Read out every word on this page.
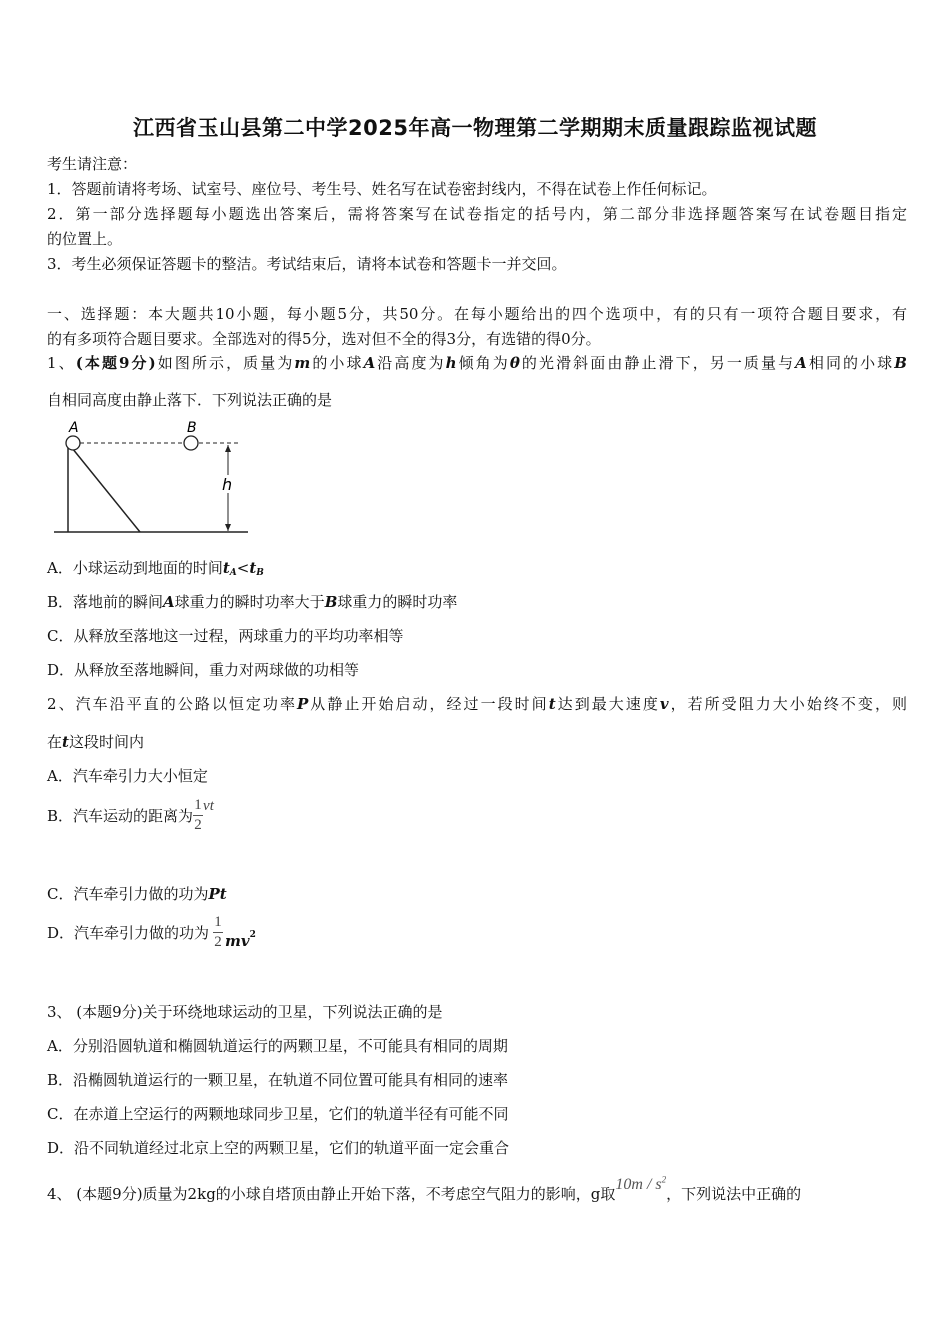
江西省玉山县第二中学2025年高一物理第二学期期末质量跟踪监视试题
考生请注意：
1．答题前请将考场、试室号、座位号、考生号、姓名写在试卷密封线内，不得在试卷上作任何标记。
2．第一部分选择题每小题选出答案后，需将答案写在试卷指定的括号内，第二部分非选择题答案写在试卷题目指定
的位置上。
3．考生必须保证答题卡的整洁。考试结束后，请将本试卷和答题卡一并交回。
一、选择题：本大题共10小题，每小题5分，共50分。在每小题给出的四个选项中，有的只有一项符合题目要求，有
的有多项符合题目要求。全部选对的得5分，选对但不全的得3分，有选错的得0分。
1、(本题9分)如图所示，质量为m的小球A沿高度为h倾角为θ的光滑斜面由静止滑下，另一质量与A相同的小球B
自相同高度由静止落下．下列说法正确的是
A	B
h
A．小球运动到地面的时间$t_A<t_B$
B．落地前的瞬间A球重力的瞬时功率大于B球重力的瞬时功率
C．从释放至落地这一过程，两球重力的平均功率相等
D．从释放至落地瞬间，重力对两球做的功相等
2、汽车沿平直的公路以恒定功率P从静止开始启动，经过一段时间t达到最大速度v，若所受阻力大小始终不变，则
在t这段时间内
A．汽车牵引力大小恒定
B．汽车运动的距离为$\frac{1}{2}vt$
C．汽车牵引力做的功为Pt
D．汽车牵引力做的功为 $\frac{1}{2} mv^2$
3、 (本题9分)关于环绕地球运动的卫星，下列说法正确的是
A．分别沿圆轨道和椭圆轨道运行的两颗卫星，不可能具有相同的周期
B．沿椭圆轨道运行的一颗卫星，在轨道不同位置可能具有相同的速率
C．在赤道上空运行的两颗地球同步卫星，它们的轨道半径有可能不同
D．沿不同轨道经过北京上空的两颗卫星，它们的轨道平面一定会重合
4、 (本题9分)质量为2kg的小球自塔顶由静止开始下落，不考虑空气阻力的影响，g取$10m / s^2$，下列说法中正确的
